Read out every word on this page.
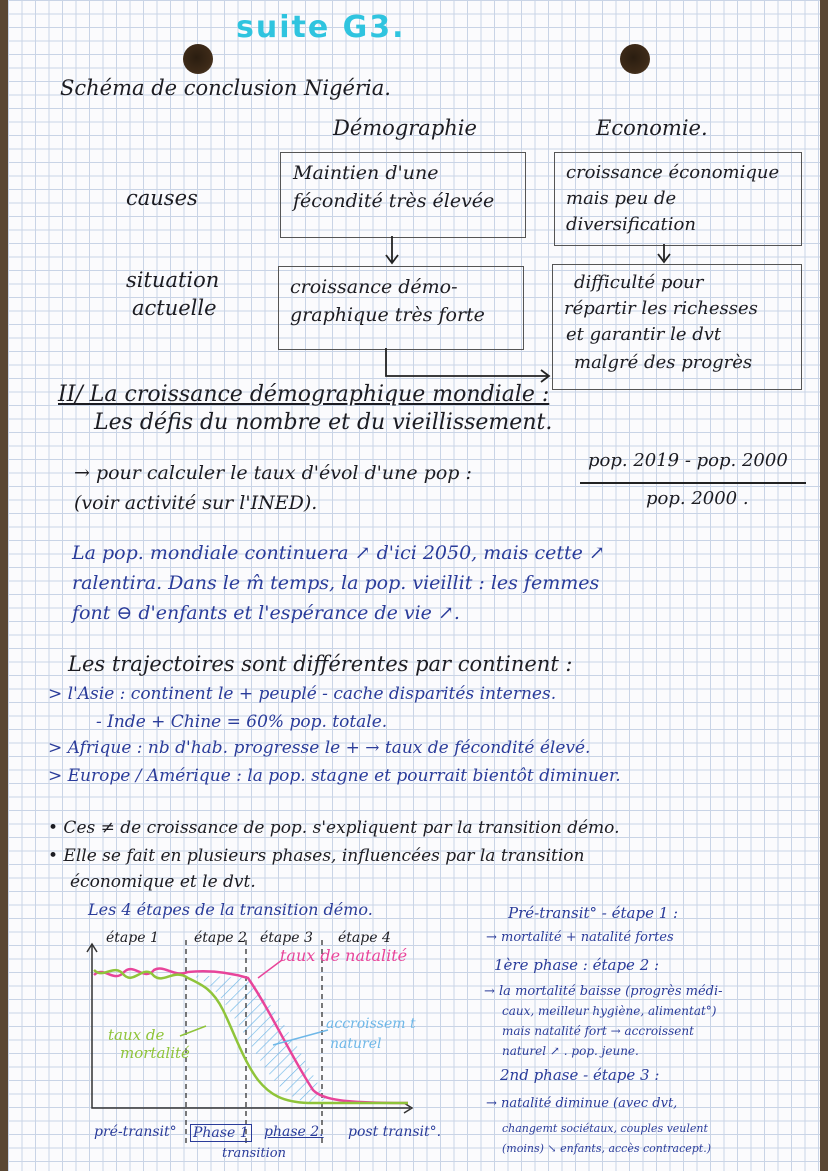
suite G3.
Schéma de conclusion Nigéria.
Démographie	Economie.
causes
situation
actuelle
Maintien d'une
fécondité très élevée
croissance démo-
graphique très forte
croissance économique
mais peu de
diversification
difficulté pour
répartir les richesses
et garantir le dvt
malgré des progrès
II/ La croissance démographique mondiale :
Les défis du nombre et du vieillissement.
→ pour calculer le taux d'évol d'une pop :
(voir activité sur l'INED).
pop. 2019 - pop. 2000
pop. 2000 .
La pop. mondiale continuera ↗ d'ici 2050, mais cette ↗
ralentira. Dans le m̂ temps, la pop. vieillit : les femmes
font ⊖ d'enfants et l'espérance de vie ↗.
Les trajectoires sont différentes par continent :
> l'Asie : continent le + peuplé - cache disparités internes.
- Inde + Chine = 60% pop. totale.
> Afrique : nb d'hab. progresse le + → taux de fécondité élevé.
> Europe / Amérique : la pop. stagne et pourrait bientôt diminuer.
• Ces ≠ de croissance de pop. s'expliquent par la transition démo.
• Elle se fait en plusieurs phases, influencées par la transition
économique et le dvt.
Les 4 étapes de la transition démo.
étape 1	étape 2 étape 3 étape 4
taux de natalité
taux de
mortalité
accroissem t
naturel
pré-transit° Phase 1 phase 2. post transit°.
transition
Pré-transit° - étape 1 :
→ mortalité + natalité fortes
1ère phase : étape 2 :
→ la mortalité baisse (progrès médi-
caux, meilleur hygiène, alimentat°)
mais natalité fort → accroissent
naturel ↗ . pop. jeune.
2nd phase - étape 3 :
→ natalité diminue (avec dvt,
changemt sociétaux, couples veulent
(moins) ↘ enfants, accès contracept.)
